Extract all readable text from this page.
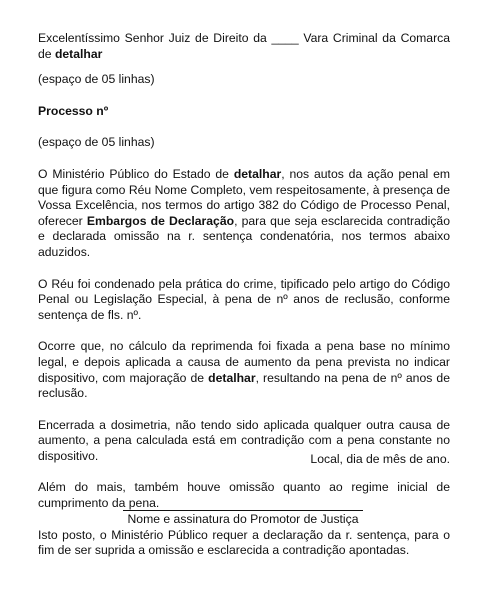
Excelentíssimo Senhor Juiz de Direito da ____ Vara Criminal da Comarca de detalhar

(espaço de 05 linhas)

Processo nº

(espaço de 05 linhas)

O Ministério Público do Estado de detalhar, nos autos da ação penal em que figura como Réu Nome Completo, vem respeitosamente, à presença de Vossa Excelência, nos termos do artigo 382 do Código de Processo Penal, oferecer Embargos de Declaração, para que seja esclarecida contradição e declarada omissão na r. sentença condenatória, nos termos abaixo aduzidos.

O Réu foi condenado pela prática do crime, tipificado pelo artigo do Código Penal ou Legislação Especial, à pena de nº anos de reclusão, conforme sentença de fls. nº.

Ocorre que, no cálculo da reprimenda foi fixada a pena base no mínimo legal, e depois aplicada a causa de aumento da pena prevista no indicar dispositivo, com majoração de detalhar, resultando na pena de nº anos de reclusão.

Encerrada a dosimetria, não tendo sido aplicada qualquer outra causa de aumento, a pena calculada está em contradição com a pena constante no dispositivo.

Além do mais, também houve omissão quanto ao regime inicial de cumprimento da pena.

Isto posto, o Ministério Público requer a declaração da r. sentença, para o fim de ser suprida a omissão e esclarecida a contradição apontadas.

Local, dia de mês de ano.
Nome e assinatura do Promotor de Justiça
